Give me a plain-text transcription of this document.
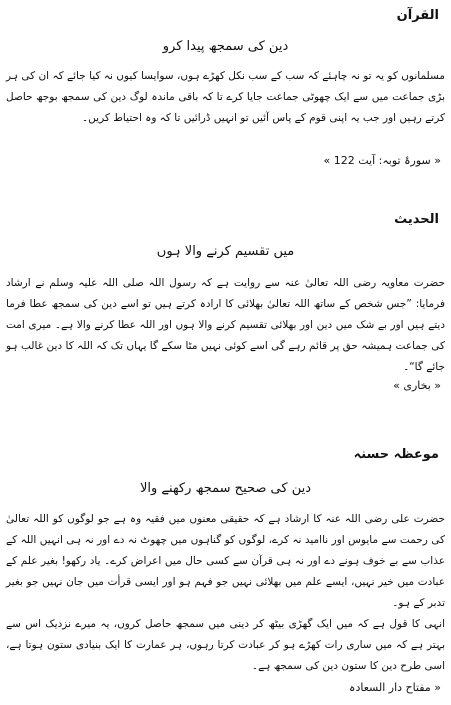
القرآن
دین کی سمجھ پیدا کرو
مسلمانوں کو یہ تو نہ چاہئے کہ سب کے سب نکل کھڑے ہوں، سوایسا کیوں نہ کیا جائے کہ ان کی ہر بڑی جماعت میں سے ایک چھوٹی جماعت جایا کرے تا کہ باقی ماندہ لوگ دین کی سمجھ بوجھ حاصل کرتے رہیں اور جب یہ اپنی قوم کے پاس آئیں تو انہیں ڈرائیں تا کہ وہ احتیاط کریں۔
« سورۂ توبہ: آیت 122 »
الحدیث
میں تقسیم کرنے والا ہوں
حضرت معاویہ رضی اللہ تعالیٰ عنہ سے روایت ہے کہ رسول اللہ صلی اللہ علیہ وسلم نے ارشاد فرمایا: ”جس شخص کے ساتھ اللہ تعالیٰ بھلائی کا ارادہ کرتے ہیں تو اسے دین کی سمجھ عطا فرما دیتے ہیں اور بے شک میں دین اور بھلائی تقسیم کرنے والا ہوں اور اللہ عطا کرنے والا ہے۔ میری امت کی جماعت ہمیشہ حق پر قائم رہے گی اسے کوئی نہیں مٹا سکے گا یہاں تک کہ اللہ کا دین غالب ہو جائے گا“۔
« بخاری »
موعظہ حسنہ
دین کی صحیح سمجھ رکھنے والا
حضرت علی رضی اللہ عنہ کا ارشاد ہے کہ حقیقی معنوں میں فقیہ وہ ہے جو لوگوں کو اللہ تعالیٰ کی رحمت سے مایوس اور ناامید نہ کرے، لوگوں کو گناہوں میں چھوٹ نہ دے اور نہ ہی انہیں اللہ کے عذاب سے بے خوف ہونے دے اور نہ ہی قرآن سے کسی حال میں اعراض کرے۔ یاد رکھو! بغیر علم کے عبادت میں خیر نہیں، ایسے علم میں بھلائی نہیں جو فہم ہو اور ایسی قرأت میں جان نہیں جو بغیر تدبر کے ہو۔
انہی کا قول ہے کہ میں ایک گھڑی بیٹھ کر دینی میں سمجھ حاصل کروں، یہ میرے نزدیک اس سے بہتر ہے کہ میں ساری رات کھڑے ہو کر عبادت کرتا رہوں، ہر عمارت کا ایک بنیادی ستون ہوتا ہے، اسی طرح دین کا ستون دین کی سمجھ ہے۔
« مفتاح دار السعادہ
